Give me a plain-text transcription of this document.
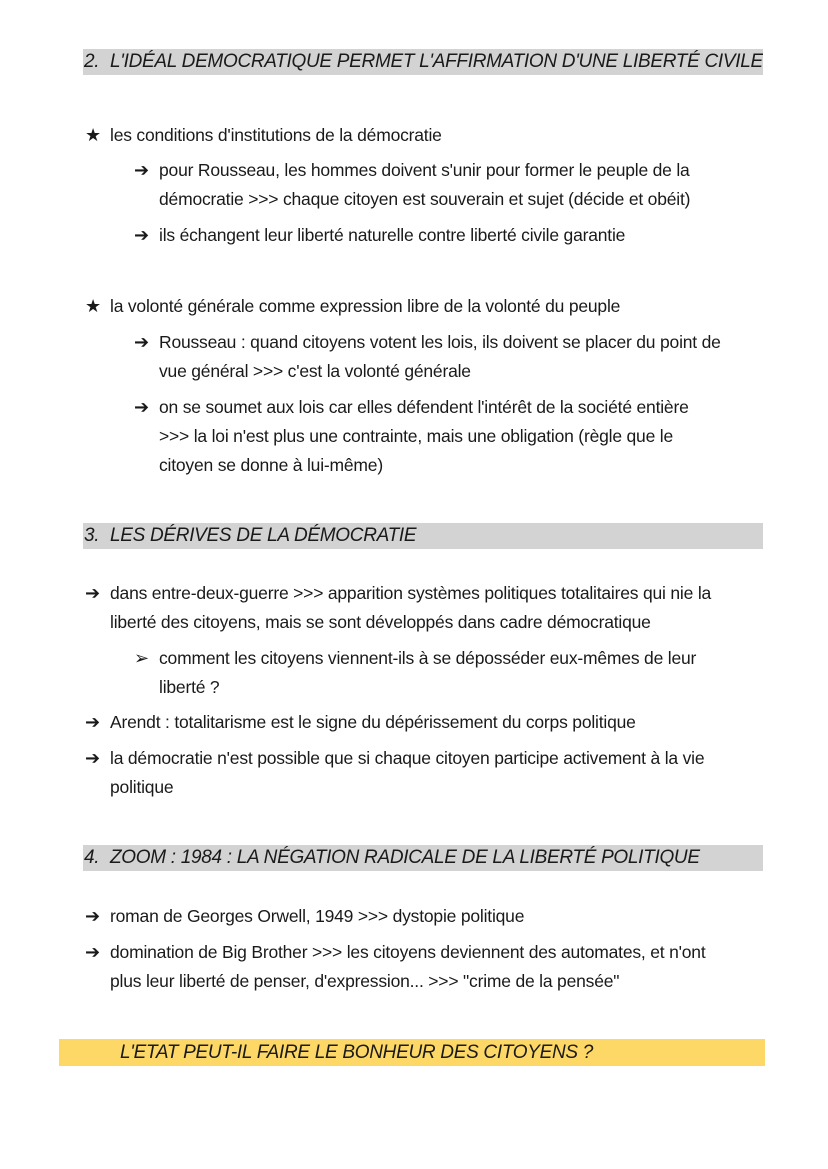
2. L'IDÉAL DEMOCRATIQUE PERMET L'AFFIRMATION D'UNE LIBERTÉ CIVILE
★ les conditions d'institutions de la démocratie
➔ pour Rousseau, les hommes doivent s'unir pour former le peuple de la
démocratie >>> chaque citoyen est souverain et sujet (décide et obéit)
➔ ils échangent leur liberté naturelle contre liberté civile garantie
★ la volonté générale comme expression libre de la volonté du peuple
➔ Rousseau : quand citoyens votent les lois, ils doivent se placer du point de
vue général >>> c'est la volonté générale
➔ on se soumet aux lois car elles défendent l'intérêt de la société entière
>>> la loi n'est plus une contrainte, mais une obligation (règle que le
citoyen se donne à lui-même)
3. LES DÉRIVES DE LA DÉMOCRATIE
➔ dans entre-deux-guerre >>> apparition systèmes politiques totalitaires qui nie la
liberté des citoyens, mais se sont développés dans cadre démocratique
➢ comment les citoyens viennent-ils à se déposséder eux-mêmes de leur
liberté ?
➔ Arendt : totalitarisme est le signe du dépérissement du corps politique
➔ la démocratie n'est possible que si chaque citoyen participe activement à la vie
politique
4. ZOOM : 1984 : LA NÉGATION RADICALE DE LA LIBERTÉ POLITIQUE
➔ roman de Georges Orwell, 1949 >>> dystopie politique
➔ domination de Big Brother >>> les citoyens deviennent des automates, et n'ont
plus leur liberté de penser, d'expression... >>> "crime de la pensée"
L'ETAT PEUT-IL FAIRE LE BONHEUR DES CITOYENS ?
